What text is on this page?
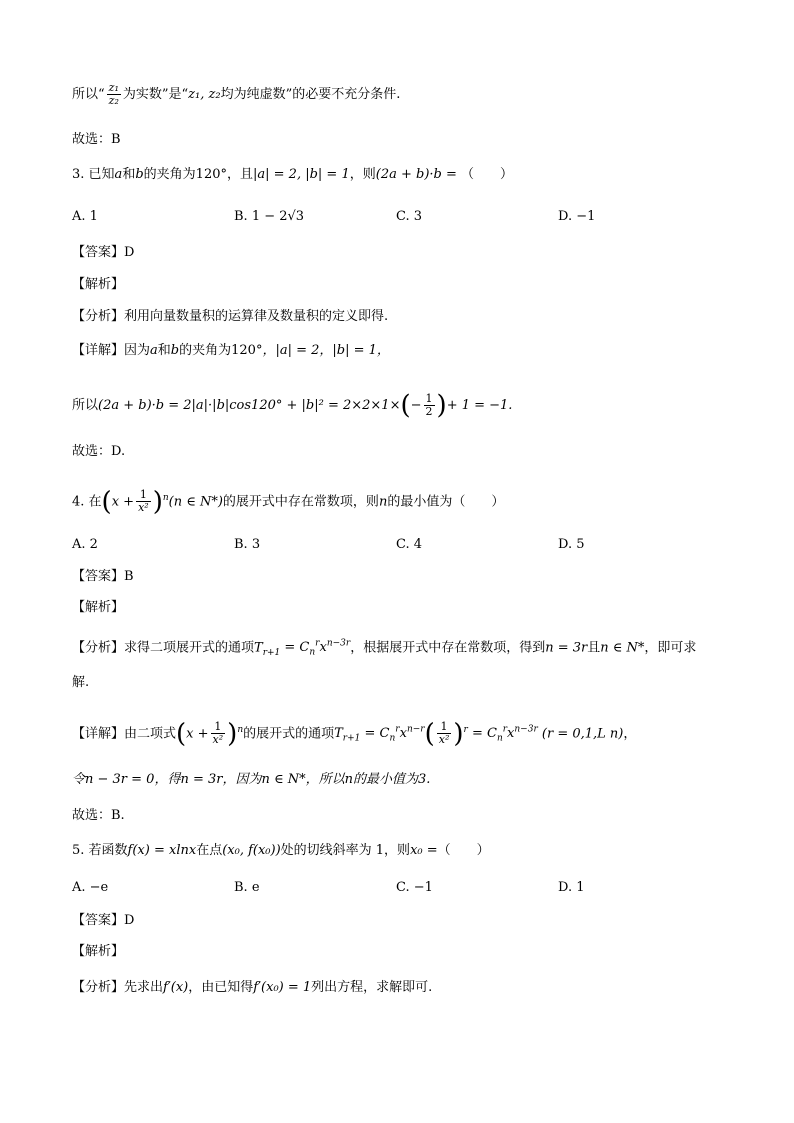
所以“ $\frac{\text{z₁}}{\text{z₂}}$ 为实数”是“z₁, z₂均为纯虚数”的必要不充分条件.
故选：B
3. 已知a和b的夹角为120°，且|a| = 2, |b| = 1，则(2a + b)·b = （　　）
A. 1	B. 1 − 2√3	C. 3	D. −1
【答案】D
【解析】
【分析】利用向量数量积的运算律及数量积的定义即得.
【详解】因为a和b的夹角为120°，|a| = 2，|b| = 1，
所以$(2a + b)\cdot b = 2|a|\cdot|b|\cos 120^\circ + |b|^2 = 2\times 2\times 1\times(- \frac{1}{2}$ )+ 1 = −1.
故选：D.
4. 在$(x + \frac{1}{\text{x²}} )^n(n$ ∈ N*)的展开式中存在常数项，则n的最小值为（　　）
A. 2	B. 3	C. 4	D. 5
【答案】B
【解析】
【分析】求得二项展开式的通项$T_{r+1} = C_n^rx^{n-3r}$，根据展开式中存在常数项，得到n = 3r且n ∈ N*，即可求
解.
【详解】由二项式$(x + \frac{1}{\text{x²}} )^n$的展开式的通项$T_{r+1} = C_n^rx^{n-r}( \frac{1}{\text{x²}} )^r = C_n^rx^{n-3r}$ (r = 0,1,L n)，
令n − 3r = 0，得n = 3r，因为n ∈ N*，所以n的最小值为3.
故选：B.
5. 若函数f(x) = xlnx在点(x₀, f(x₀))处的切线斜率为 1，则x₀ =（　　）
A. −e	B. e	C. −1	D. 1
【答案】D
【解析】
【分析】先求出f′(x)，由已知得f′(x₀) = 1列出方程，求解即可.
